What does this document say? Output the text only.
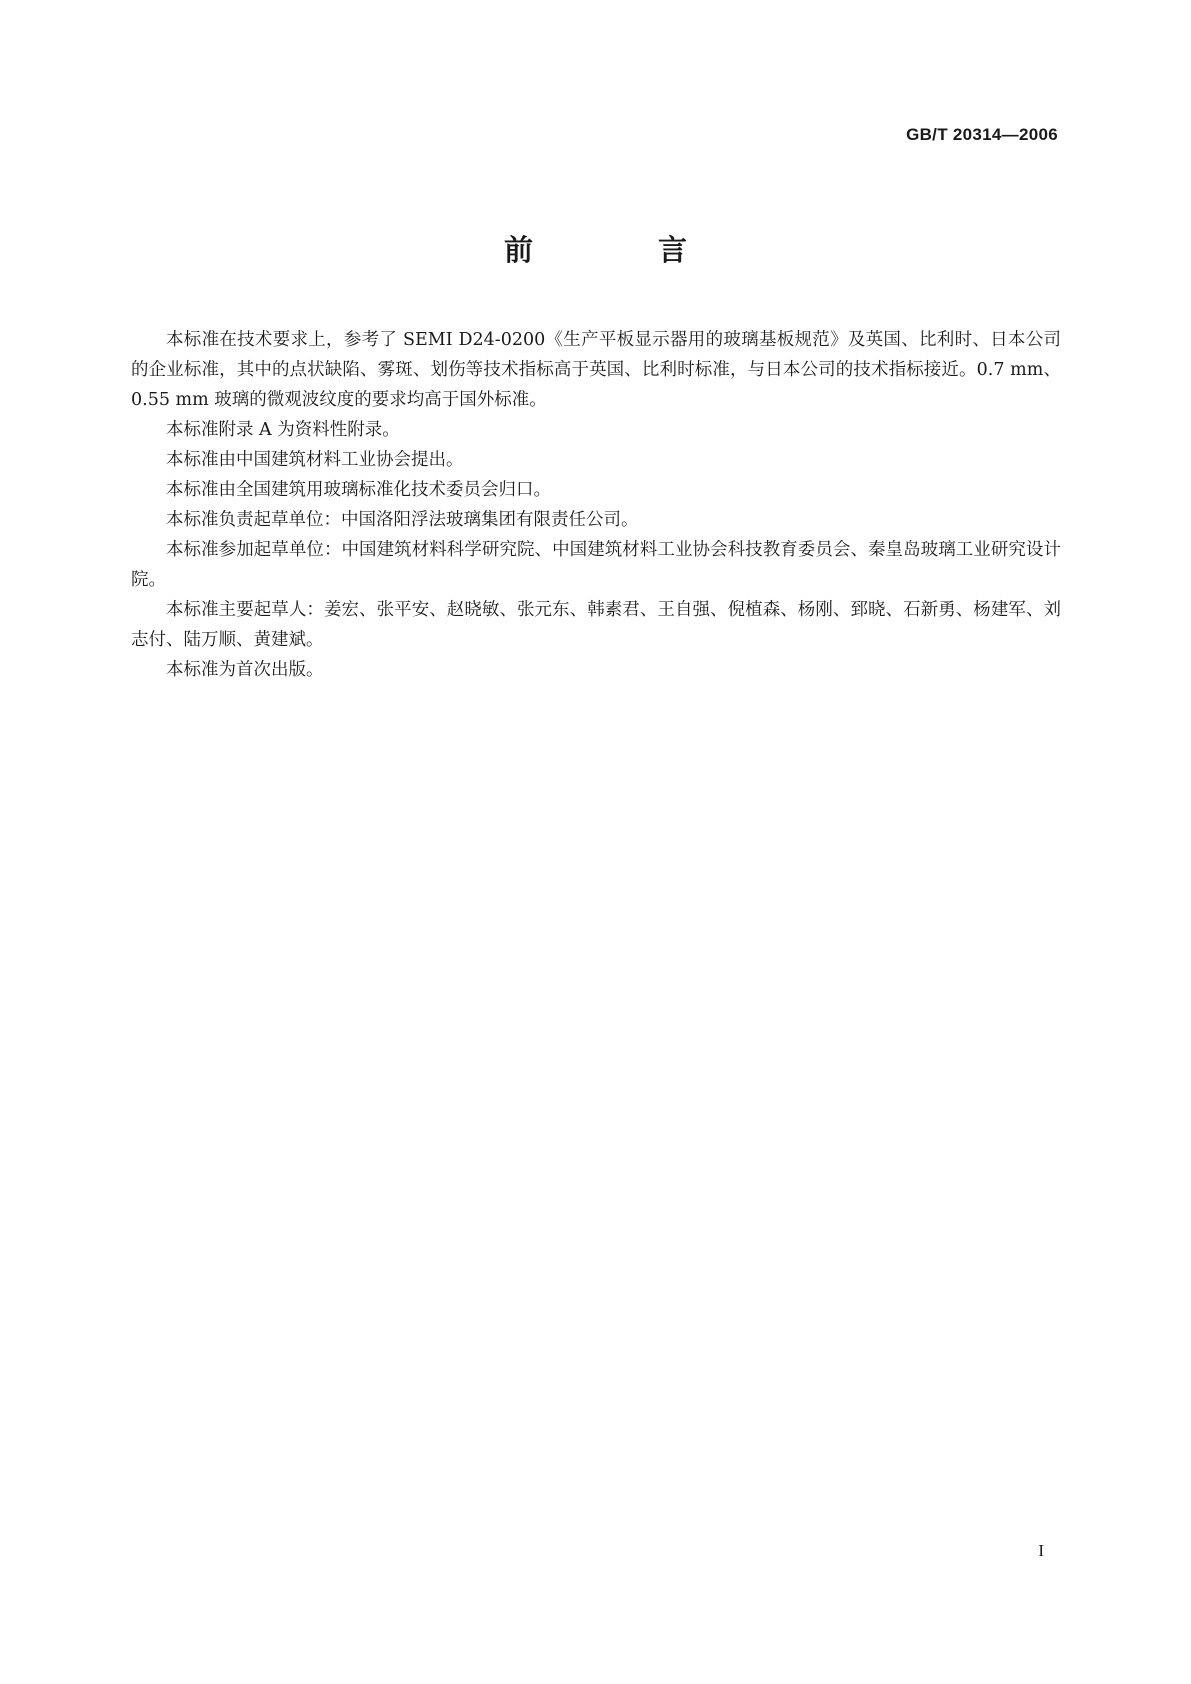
GB/T 20314—2006
前　言

本标准在技术要求上，参考了 SEMI D24-0200《生产平板显示器用的玻璃基板规范》及英国、比利时、日本公司的企业标准，其中的点状缺陷、雾斑、划伤等技术指标高于英国、比利时标准，与日本公司的技术指标接近。0.7 mm、0.55 mm 玻璃的微观波纹度的要求均高于国外标准。

本标准附录 A 为资料性附录。

本标准由中国建筑材料工业协会提出。

本标准由全国建筑用玻璃标准化技术委员会归口。

本标准负责起草单位：中国洛阳浮法玻璃集团有限责任公司。

本标准参加起草单位：中国建筑材料科学研究院、中国建筑材料工业协会科技教育委员会、秦皇岛玻璃工业研究设计院。

本标准主要起草人：姜宏、张平安、赵晓敏、张元东、韩素君、王自强、倪植森、杨刚、郅晓、石新勇、杨建军、刘志付、陆万顺、黄建斌。

本标准为首次出版。

I
